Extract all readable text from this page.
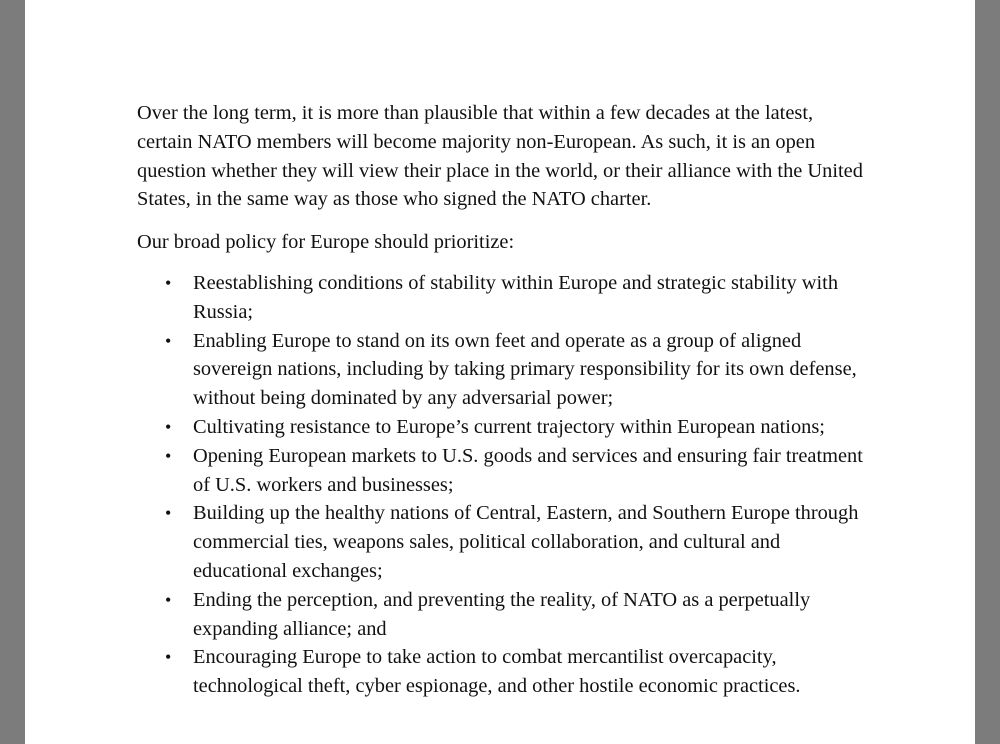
Over the long term, it is more than plausible that within a few decades at the latest, certain NATO members will become majority non-European. As such, it is an open question whether they will view their place in the world, or their alliance with the United States, in the same way as those who signed the NATO charter.

Our broad policy for Europe should prioritize:

• Reestablishing conditions of stability within Europe and strategic stability with Russia;
• Enabling Europe to stand on its own feet and operate as a group of aligned sovereign nations, including by taking primary responsibility for its own defense, without being dominated by any adversarial power;
• Cultivating resistance to Europe’s current trajectory within European nations;
• Opening European markets to U.S. goods and services and ensuring fair treatment of U.S. workers and businesses;
• Building up the healthy nations of Central, Eastern, and Southern Europe through commercial ties, weapons sales, political collaboration, and cultural and educational exchanges;
• Ending the perception, and preventing the reality, of NATO as a perpetually expanding alliance; and
• Encouraging Europe to take action to combat mercantilist overcapacity, technological theft, cyber espionage, and other hostile economic practices.
